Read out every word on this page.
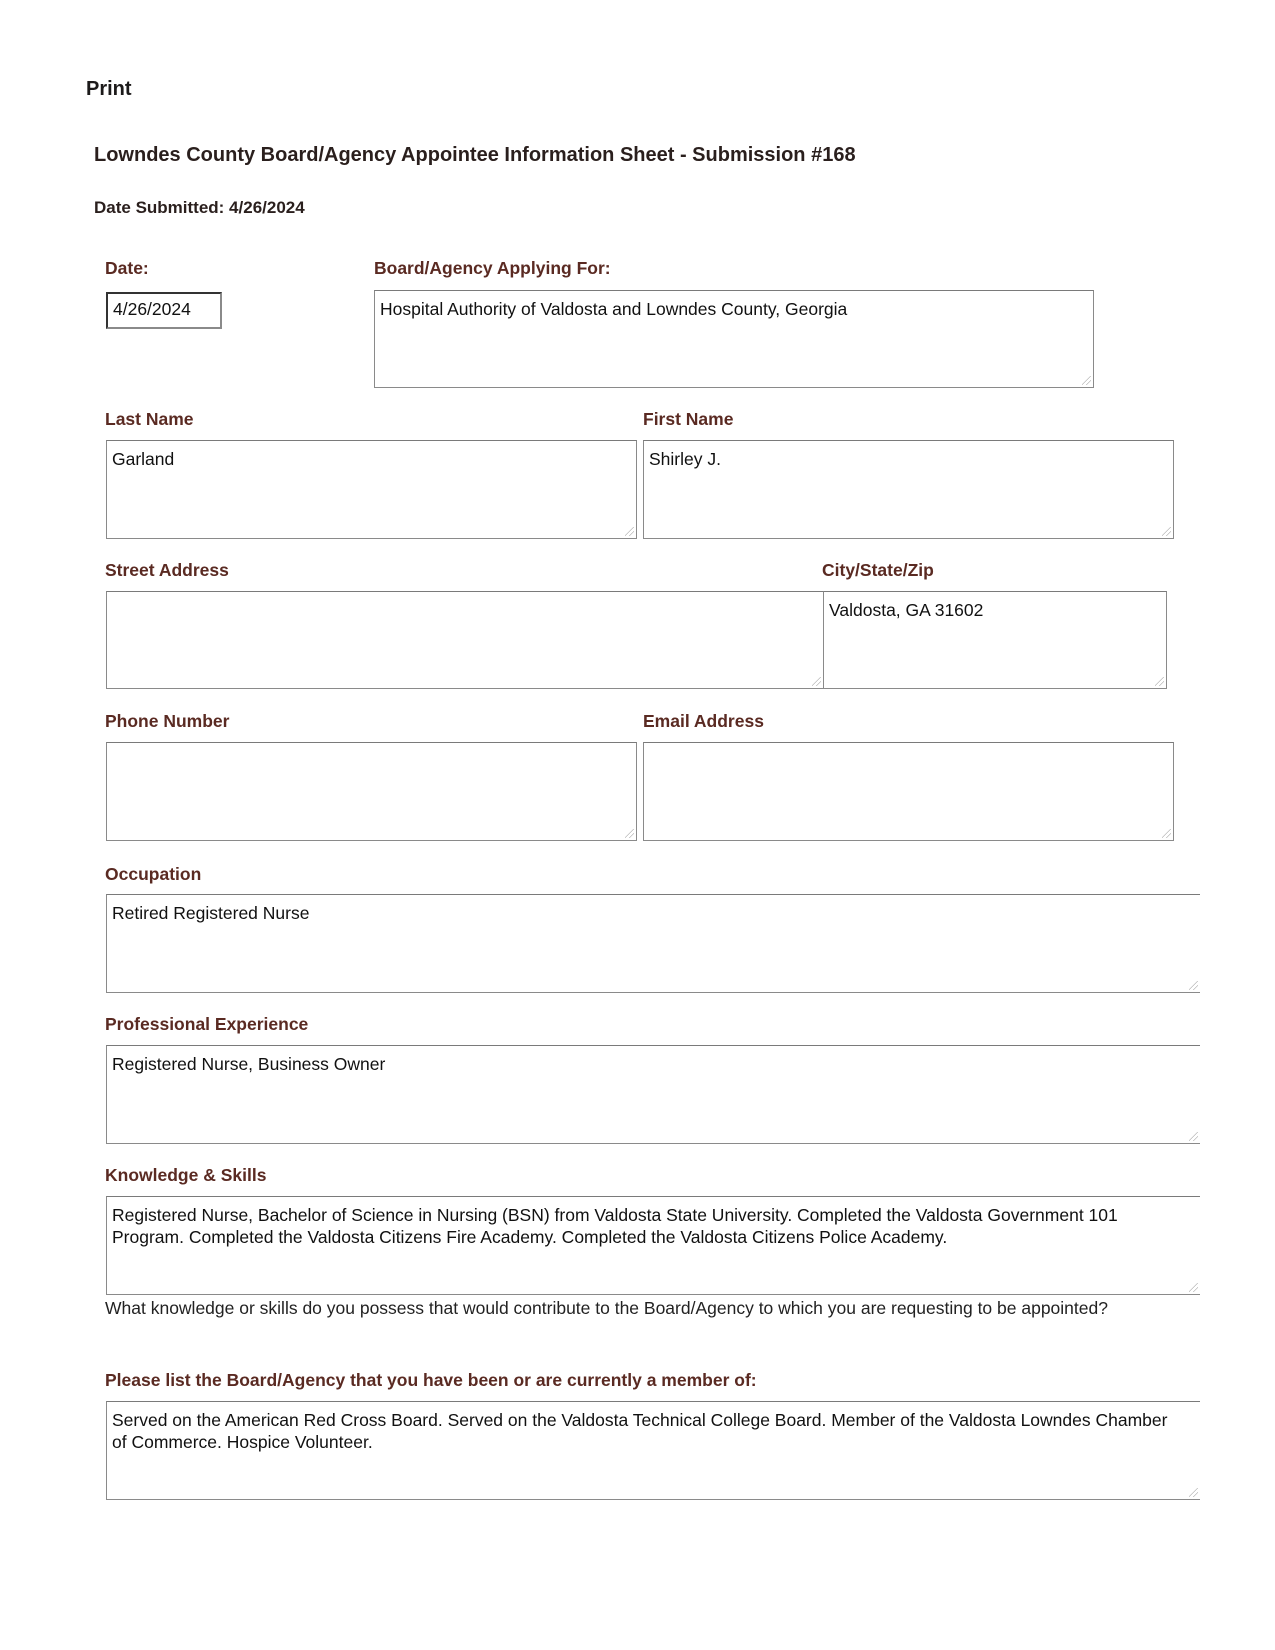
Print
Lowndes County Board/Agency Appointee Information Sheet - Submission #168
Date Submitted: 4/26/2024
Date:
4/26/2024
Board/Agency Applying For:
Hospital Authority of Valdosta and Lowndes County, Georgia
Last Name
Garland
First Name
Shirley J.
Street Address	City/State/Zip
Valdosta, GA 31602
Phone Number	Email Address
Occupation
Retired Registered Nurse
Professional Experience
Registered Nurse, Business Owner
Knowledge & Skills
Registered Nurse, Bachelor of Science in Nursing (BSN) from Valdosta State University. Completed the Valdosta Government 101 Program. Completed the Valdosta Citizens Fire Academy. Completed the Valdosta Citizens Police Academy.
What knowledge or skills do you possess that would contribute to the Board/Agency to which you are requesting to be appointed?
Please list the Board/Agency that you have been or are currently a member of:
Served on the American Red Cross Board. Served on the Valdosta Technical College Board. Member of the Valdosta Lowndes Chamber of Commerce. Hospice Volunteer.
